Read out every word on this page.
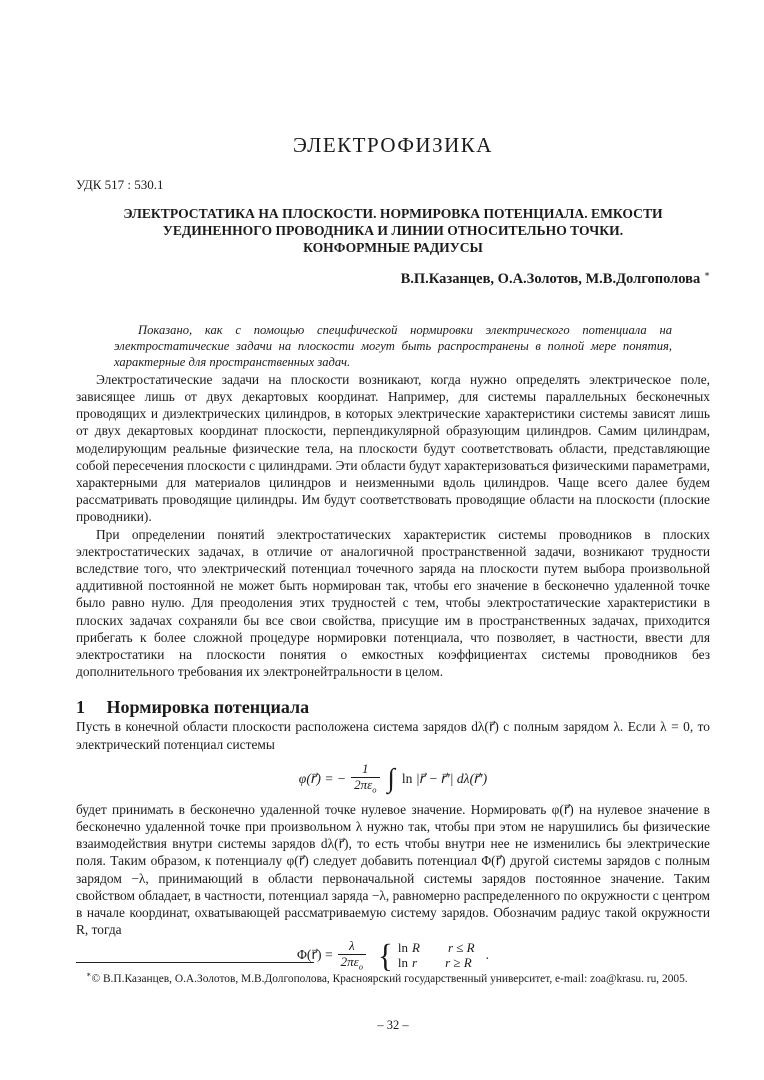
ЭЛЕКТРОФИЗИКА
УДК 517 : 530.1
ЭЛЕКТРОСТАТИКА НА ПЛОСКОСТИ. НОРМИРОВКА ПОТЕНЦИАЛА. ЕМКОСТИ
УЕДИНЕННОГО ПРОВОДНИКА И ЛИНИИ ОТНОСИТЕЛЬНО ТОЧКИ.
КОНФОРМНЫЕ РАДИУСЫ
В.П.Казанцев, О.А.Золотов, М.В.Долгополова ∗

Показано, как с помощью специфической нормировки электрического потенциала на электростатические задачи на плоскости могут быть распространены в полной мере понятия, характерные для пространственных задач.

Электростатические задачи на плоскости возникают, когда нужно определять электрическое поле, зависящее лишь от двух декартовых координат. Например, для системы параллельных бесконечных проводящих и диэлектрических цилиндров, в которых электрические характеристики системы зависят лишь от двух декартовых координат плоскости, перпендикулярной образующим цилиндров. Самим цилиндрам, моделирующим реальные физические тела, на плоскости будут соответствовать области, представляющие собой пересечения плоскости с цилиндрами. Эти области будут характеризоваться физическими параметрами, характерными для материалов цилиндров и неизменными вдоль цилиндров. Чаще всего далее будем рассматривать проводящие цилиндры. Им будут соответствовать проводящие области на плоскости (плоские проводники).

При определении понятий электростатических характеристик системы проводников в плоских электростатических задачах, в отличие от аналогичной пространственной задачи, возникают трудности вследствие того, что электрический потенциал точечного заряда на плоскости путем выбора произвольной аддитивной постоянной не может быть нормирован так, чтобы его значение в бесконечно удаленной точке было равно нулю. Для преодоления этих трудностей с тем, чтобы электростатические характеристики в плоских задачах сохраняли бы все свои свойства, присущие им в пространственных задачах, приходится прибегать к более сложной процедуре нормировки потенциала, что позволяет, в частности, ввести для электростатики на плоскости понятия о емкостных коэффициентах системы проводников без дополнительного требования их электронейтральности в целом.

1 Нормировка потенциала

Пусть в конечной области плоскости расположена система зарядов dλ(r⃗) с полным зарядом λ. Если λ = 0, то электрический потенциал системы

φ(r⃗) = − $\frac{1}{2\pi\varepsilon_o}$ ∫ ln
|r⃗ − r⃗′| dλ(r⃗′)

будет принимать в бесконечно удаленной точке нулевое значение. Нормировать φ(r⃗) на нулевое значение в бесконечно удаленной точке при произвольном λ нужно так, чтобы при этом не нарушились бы физические взаимодействия внутри системы зарядов dλ(r⃗), то есть чтобы внутри нее не изменились бы электрические поля. Таким образом, к потенциалу φ(r⃗) следует добавить потенциал Φ(r⃗) другой системы зарядов с полным зарядом −λ, принимающий в области первоначальной системы зарядов постоянное значение. Таким свойством обладает, в частности, потенциал заряда −λ, равномерно распределенного по окружности с центром в начале координат, охватывающей рассматриваемую систему зарядов. Обозначим радиус такой окружности R, тогда

Φ(r⃗) = $\frac{\lambda}{2\pi\varepsilon_o}$ { ln R r ≤ R
ln r r ≥ R
.

∗© В.П.Казанцев, О.А.Золотов, М.В.Долгополова, Красноярский государственный университет, e-mail: zoa@krasu. ru, 2005.

– 32 –
